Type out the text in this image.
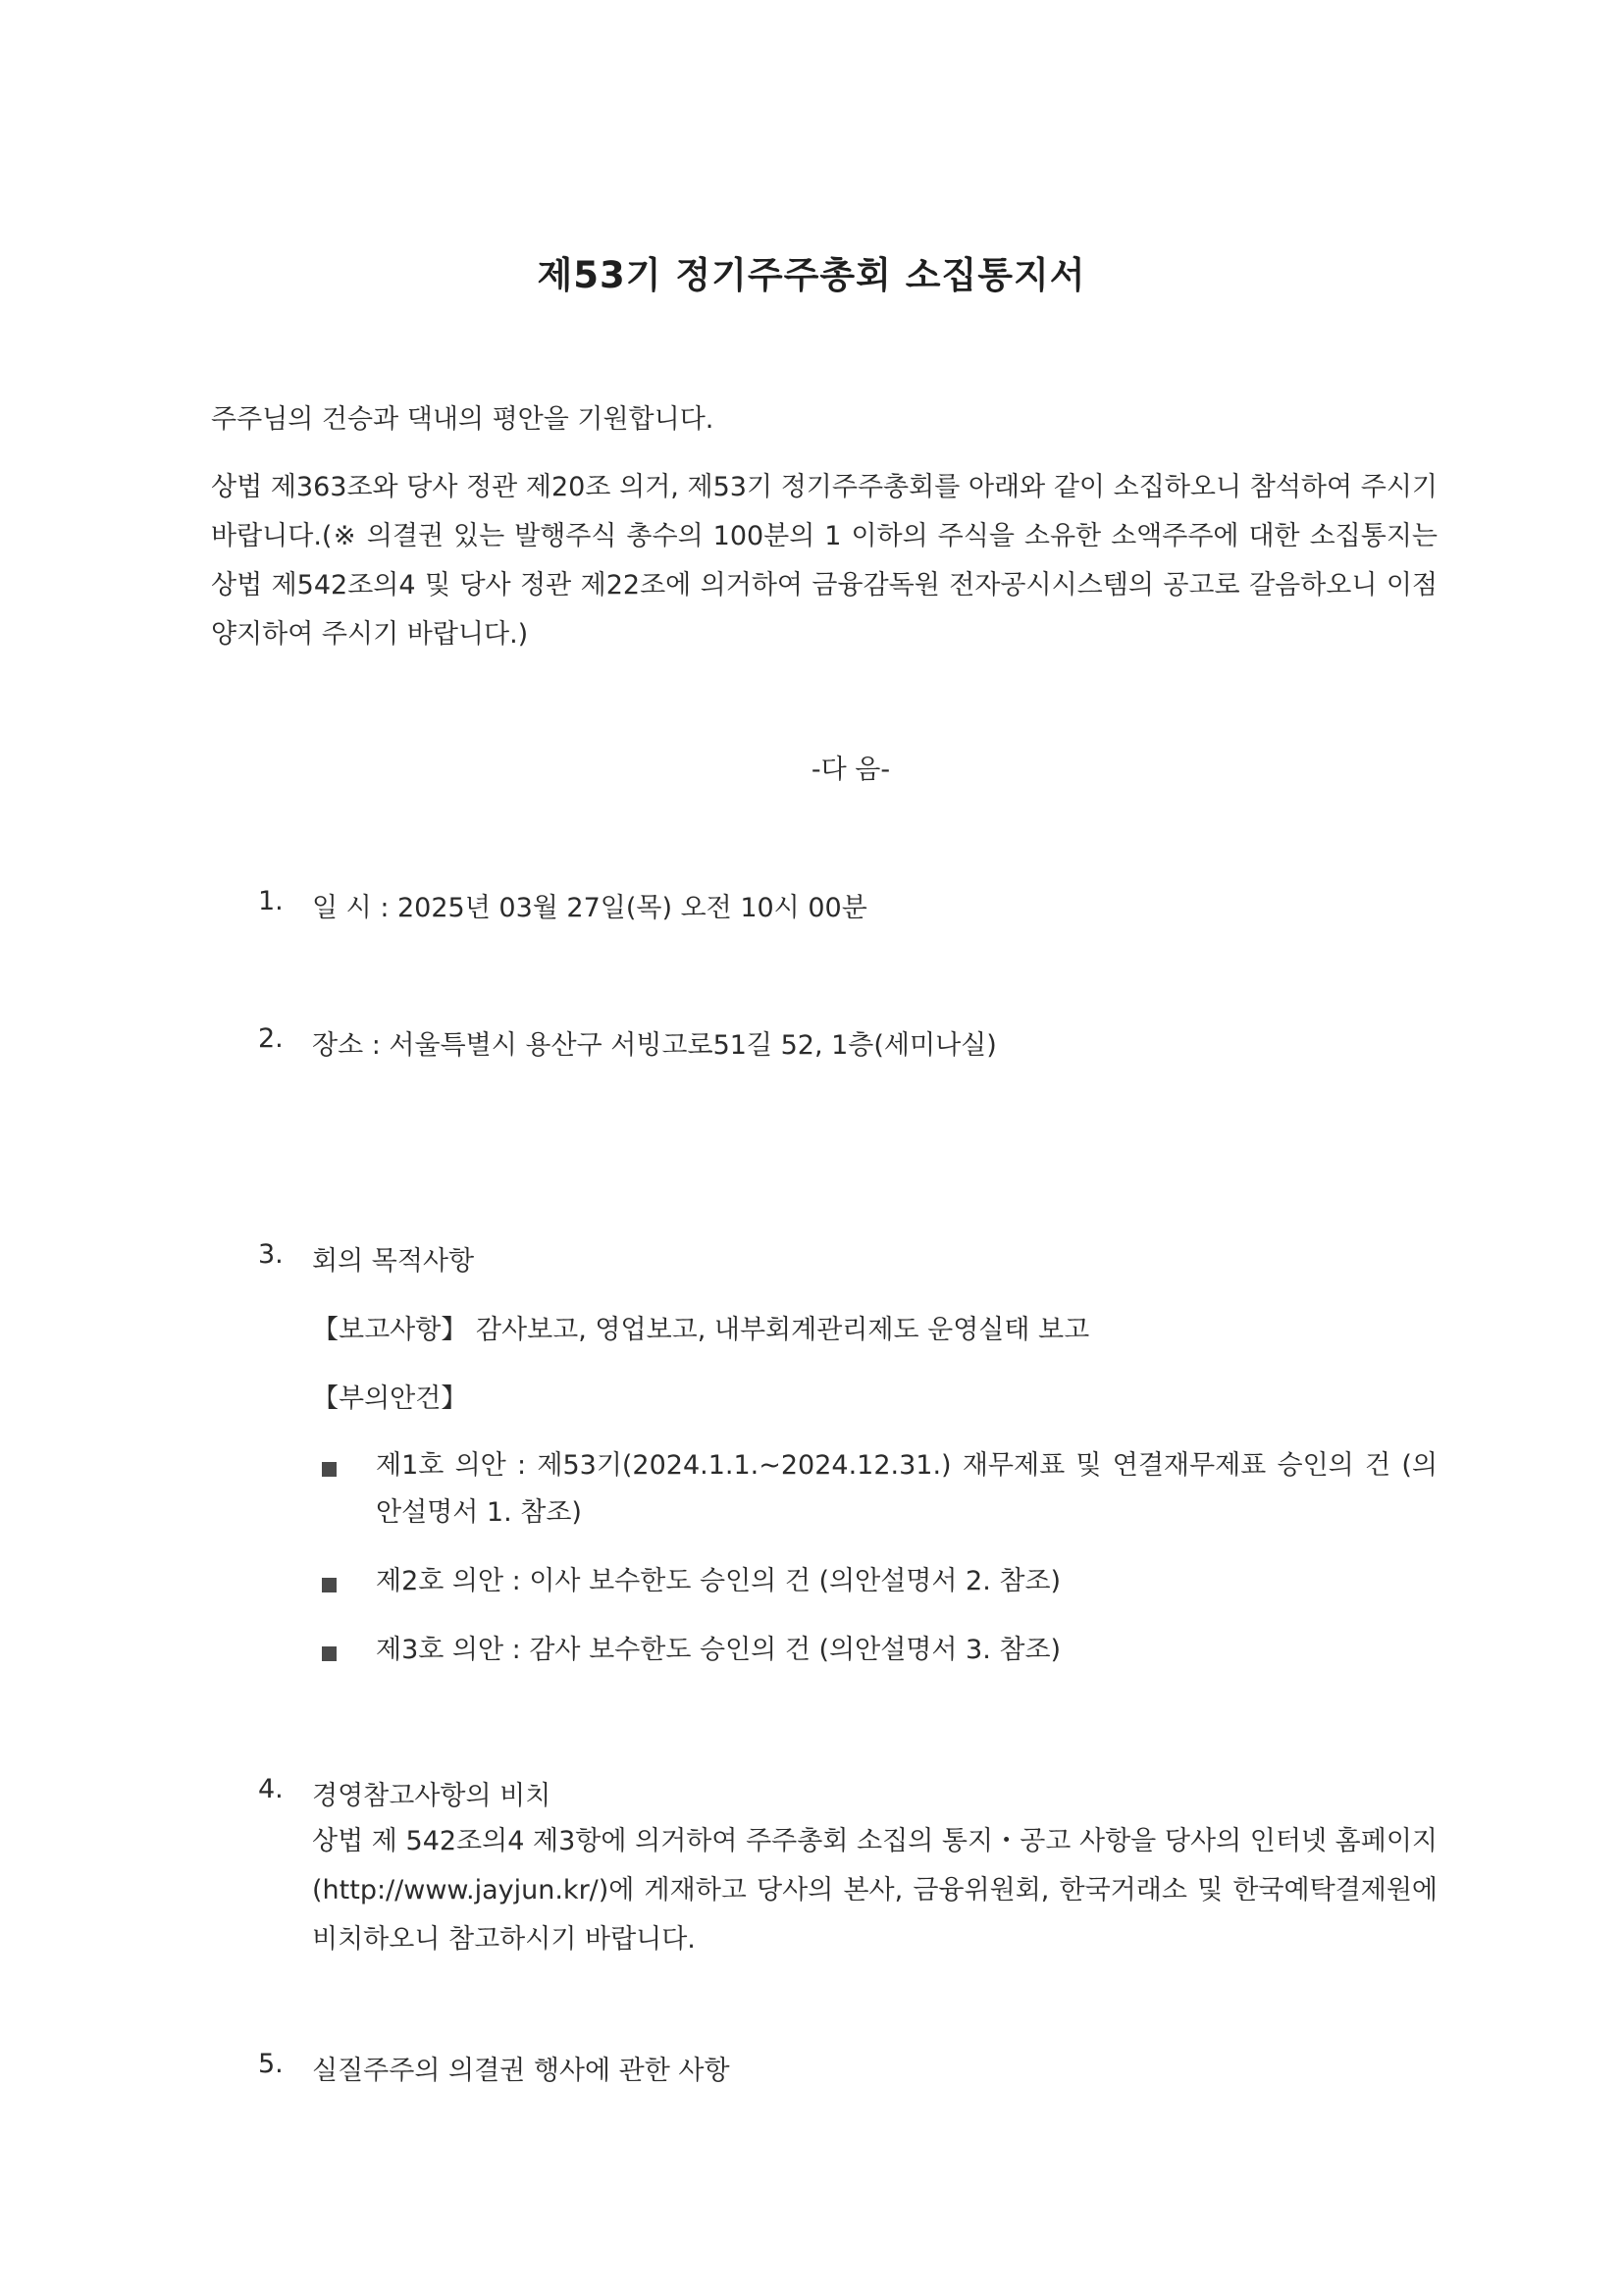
제53기 정기주주총회 소집통지서
주주님의 건승과 댁내의 평안을 기원합니다.
상법 제363조와 당사 정관 제20조 의거, 제53기 정기주주총회를 아래와 같이 소집하오니 참석하여 주시기 바랍니다.(※ 의결권 있는 발행주식 총수의 100분의 1 이하의 주식을 소유한 소액주주에 대한 소집통지는 상법 제542조의4 및 당사 정관 제22조에 의거하여 금융감독원 전자공시시스템의 공고로 갈음하오니 이점 양지하여 주시기 바랍니다.)
-다 음-
1. 일 시 : 2025년 03월 27일(목) 오전 10시 00분
2. 장소 : 서울특별시 용산구 서빙고로51길 52, 1층(세미나실)
3. 회의 목적사항
【보고사항】 감사보고, 영업보고, 내부회계관리제도 운영실태 보고
【부의안건】
제1호 의안 : 제53기(2024.1.1.~2024.12.31.) 재무제표 및 연결재무제표 승인의 건 (의안설명서 1. 참조)
제2호 의안 : 이사 보수한도 승인의 건 (의안설명서 2. 참조)
제3호 의안 : 감사 보수한도 승인의 건 (의안설명서 3. 참조)
4. 경영참고사항의 비치
상법 제 542조의4 제3항에 의거하여 주주총회 소집의 통지・공고 사항을 당사의 인터넷 홈페이지(http://www.jayjun.kr/)에 게재하고 당사의 본사, 금융위원회, 한국거래소 및 한국예탁결제원에 비치하오니 참고하시기 바랍니다.
5. 실질주주의 의결권 행사에 관한 사항
